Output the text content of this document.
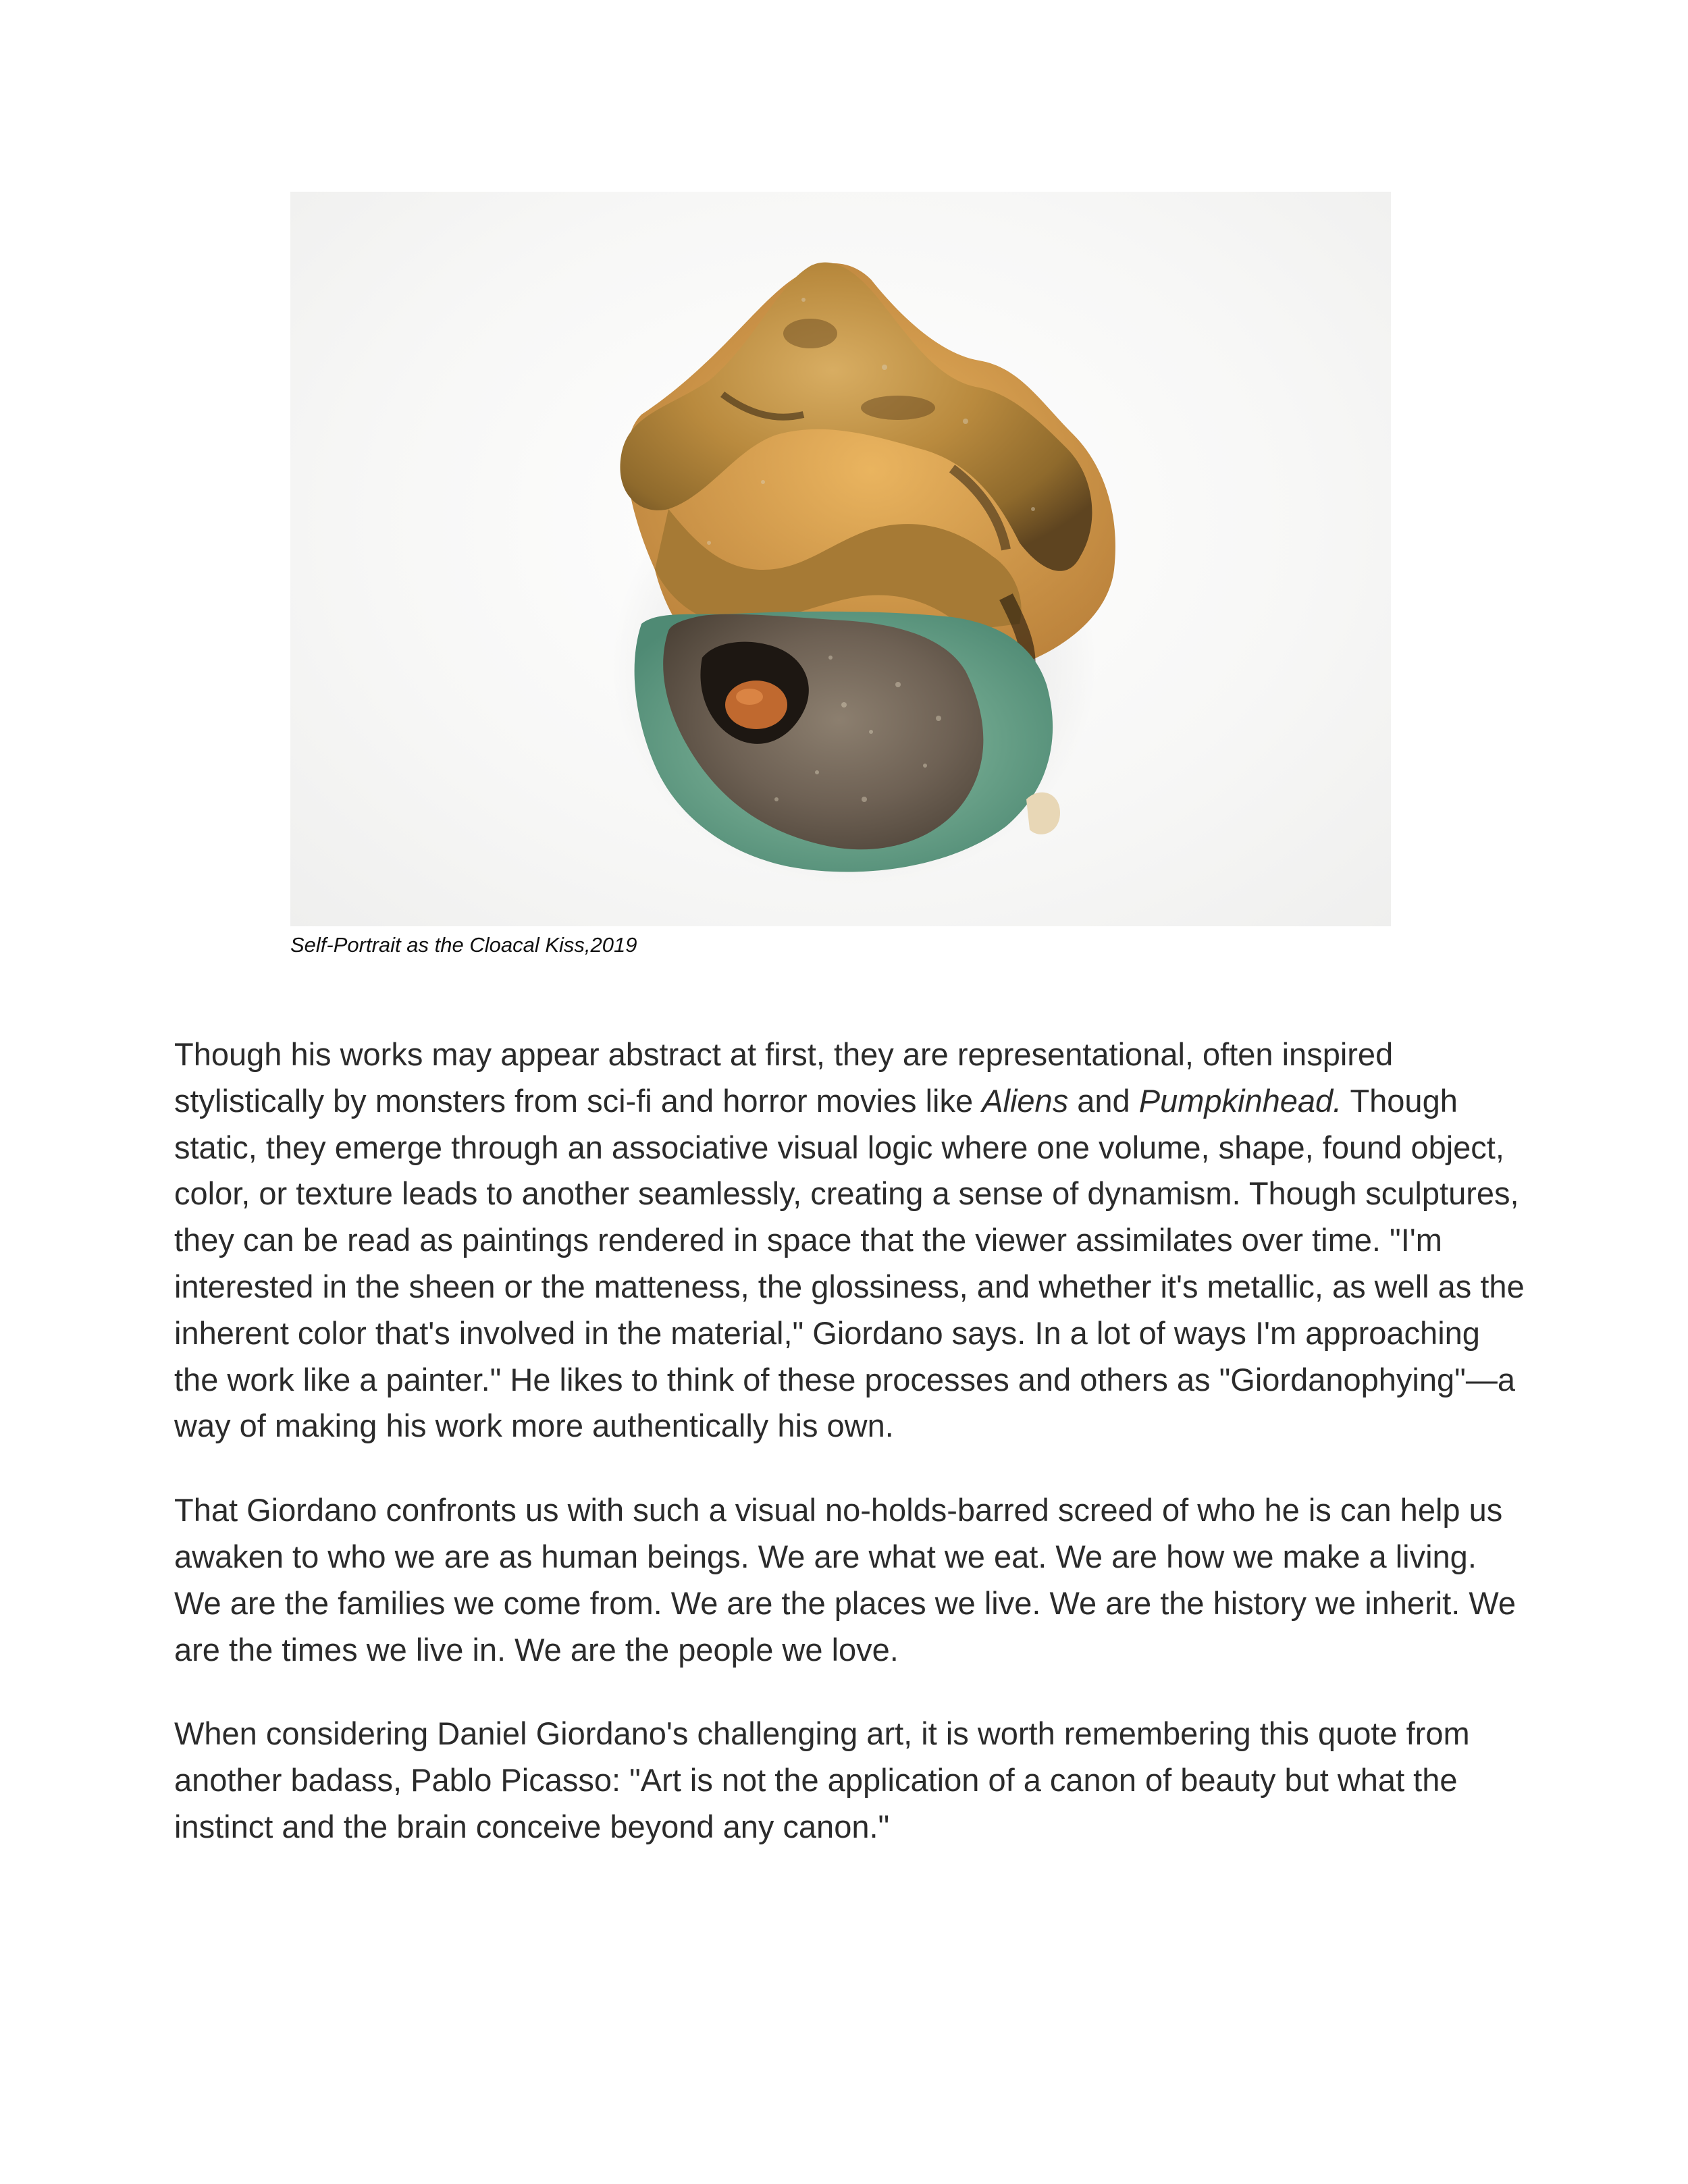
Self-Portrait as the Cloacal Kiss,2019

Though his works may appear abstract at first, they are representational, often inspired stylistically by monsters from sci-fi and horror movies like Aliens and Pumpkinhead. Though static, they emerge through an associative visual logic where one volume, shape, found object, color, or texture leads to another seamlessly, creating a sense of dynamism. Though sculptures, they can be read as paintings rendered in space that the viewer assimilates over time. "I'm interested in the sheen or the matteness, the glossiness, and whether it's metallic, as well as the inherent color that's involved in the material," Giordano says. In a lot of ways I'm approaching the work like a painter." He likes to think of these processes and others as "Giordanophying"—a way of making his work more authentically his own.

That Giordano confronts us with such a visual no-holds-barred screed of who he is can help us awaken to who we are as human beings. We are what we eat. We are how we make a living. We are the families we come from. We are the places we live. We are the history we inherit. We are the times we live in. We are the people we love.

When considering Daniel Giordano's challenging art, it is worth remembering this quote from another badass, Pablo Picasso: "Art is not the application of a canon of beauty but what the instinct and the brain conceive beyond any canon."
